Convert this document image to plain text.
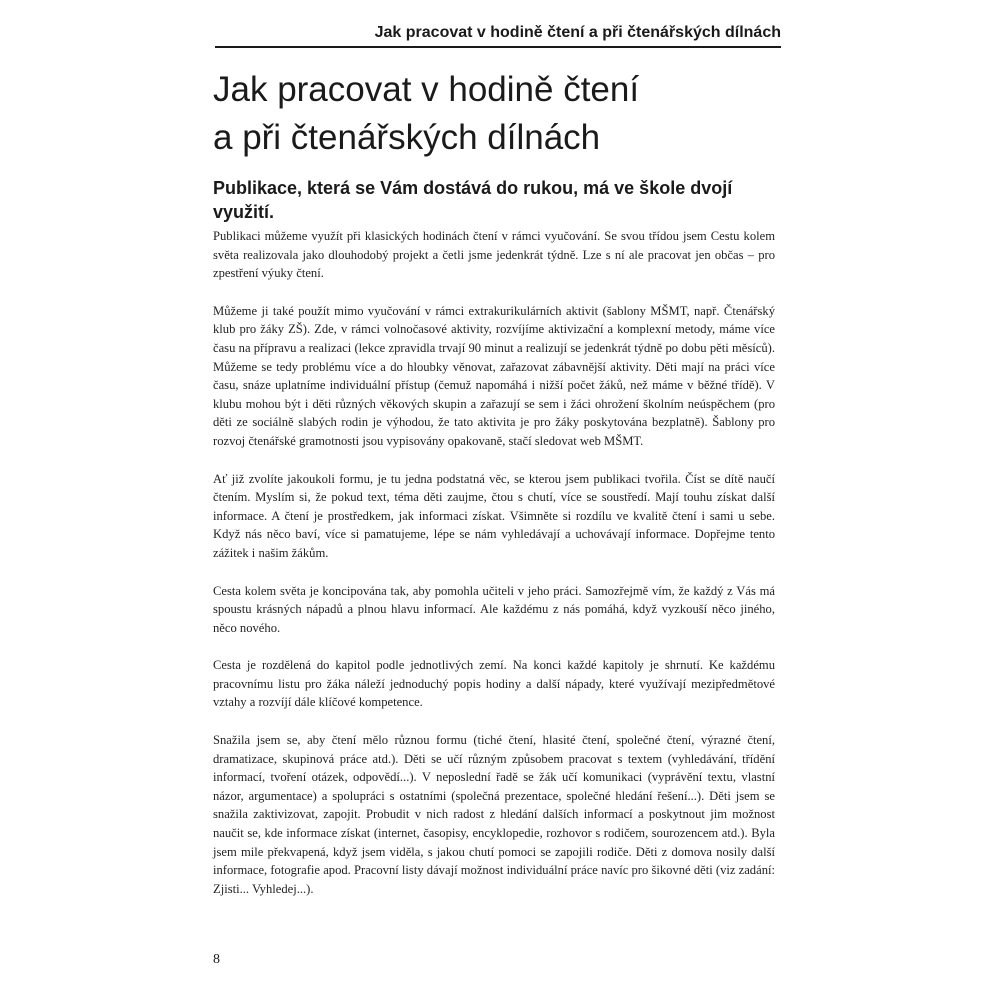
Jak pracovat v hodině čtení a při čtenářských dílnách
Jak pracovat v hodině čtení
a při čtenářských dílnách
Publikace, která se Vám dostává do rukou, má ve škole dvojí využití.

Publikaci můžeme využít při klasických hodinách čtení v rámci vyučování. Se svou třídou jsem Cestu kolem světa realizovala jako dlouhodobý projekt a četli jsme jedenkrát týdně. Lze s ní ale pracovat jen občas – pro zpestření výuky čtení.

Můžeme ji také použít mimo vyučování v rámci extrakurikulárních aktivit (šablony MŠMT, např. Čtenářský klub pro žáky ZŠ). Zde, v rámci volnočasové aktivity, rozvíjíme aktivizační a komplexní metody, máme více času na přípravu a realizaci (lekce zpravidla trvají 90 minut a realizují se jedenkrát týdně po dobu pěti měsíců). Můžeme se tedy problému více a do hloubky věnovat, zařazovat zábavnější aktivity. Děti mají na práci více času, snáze uplatníme individuální přístup (čemuž napomáhá i nižší počet žáků, než máme v běžné třídě). V klubu mohou být i děti různých věkových skupin a zařazují se sem i žáci ohrožení školním neúspěchem (pro děti ze sociálně slabých rodin je výhodou, že tato aktivita je pro žáky poskytována bezplatně). Šablony pro rozvoj čtenářské gramotnosti jsou vypisovány opakovaně, stačí sledovat web MŠMT.

Ať již zvolíte jakoukoli formu, je tu jedna podstatná věc, se kterou jsem publikaci tvořila. Číst se dítě naučí čtením. Myslím si, že pokud text, téma děti zaujme, čtou s chutí, více se soustředí. Mají touhu získat další informace. A čtení je prostředkem, jak informaci získat. Všimněte si rozdílu ve kvalitě čtení i sami u sebe. Když nás něco baví, více si pamatujeme, lépe se nám vyhledávají a uchovávají informace. Dopřejme tento zážitek i našim žákům.

Cesta kolem světa je koncipována tak, aby pomohla učiteli v jeho práci. Samozřejmě vím, že každý z Vás má spoustu krásných nápadů a plnou hlavu informací. Ale každému z nás pomáhá, když vyzkouší něco jiného, něco nového.

Cesta je rozdělená do kapitol podle jednotlivých zemí. Na konci každé kapitoly je shrnutí. Ke každému pracovnímu listu pro žáka náleží jednoduchý popis hodiny a další nápady, které využívají mezipředmětové vztahy a rozvíjí dále klíčové kompetence.

Snažila jsem se, aby čtení mělo různou formu (tiché čtení, hlasité čtení, společné čtení, výrazné čtení, dramatizace, skupinová práce atd.). Děti se učí různým způsobem pracovat s textem (vyhledávání, třídění informací, tvoření otázek, odpovědí...). V neposlední řadě se žák učí komunikaci (vyprávění textu, vlastní názor, argumentace) a spolupráci s ostatními (společná prezentace, společné hledání řešení...). Děti jsem se snažila zaktivizovat, zapojit. Probudit v nich radost z hledání dalších informací a poskytnout jim možnost naučit se, kde informace získat (internet, časopisy, encyklopedie, rozhovor s rodičem, sourozencem atd.). Byla jsem mile překvapená, když jsem viděla, s jakou chutí pomoci se zapojili rodiče. Děti z domova nosily další informace, fotografie apod. Pracovní listy dávají možnost individuální práce navíc pro šikovné děti (viz zadání: Zjisti... Vyhledej...).

8
